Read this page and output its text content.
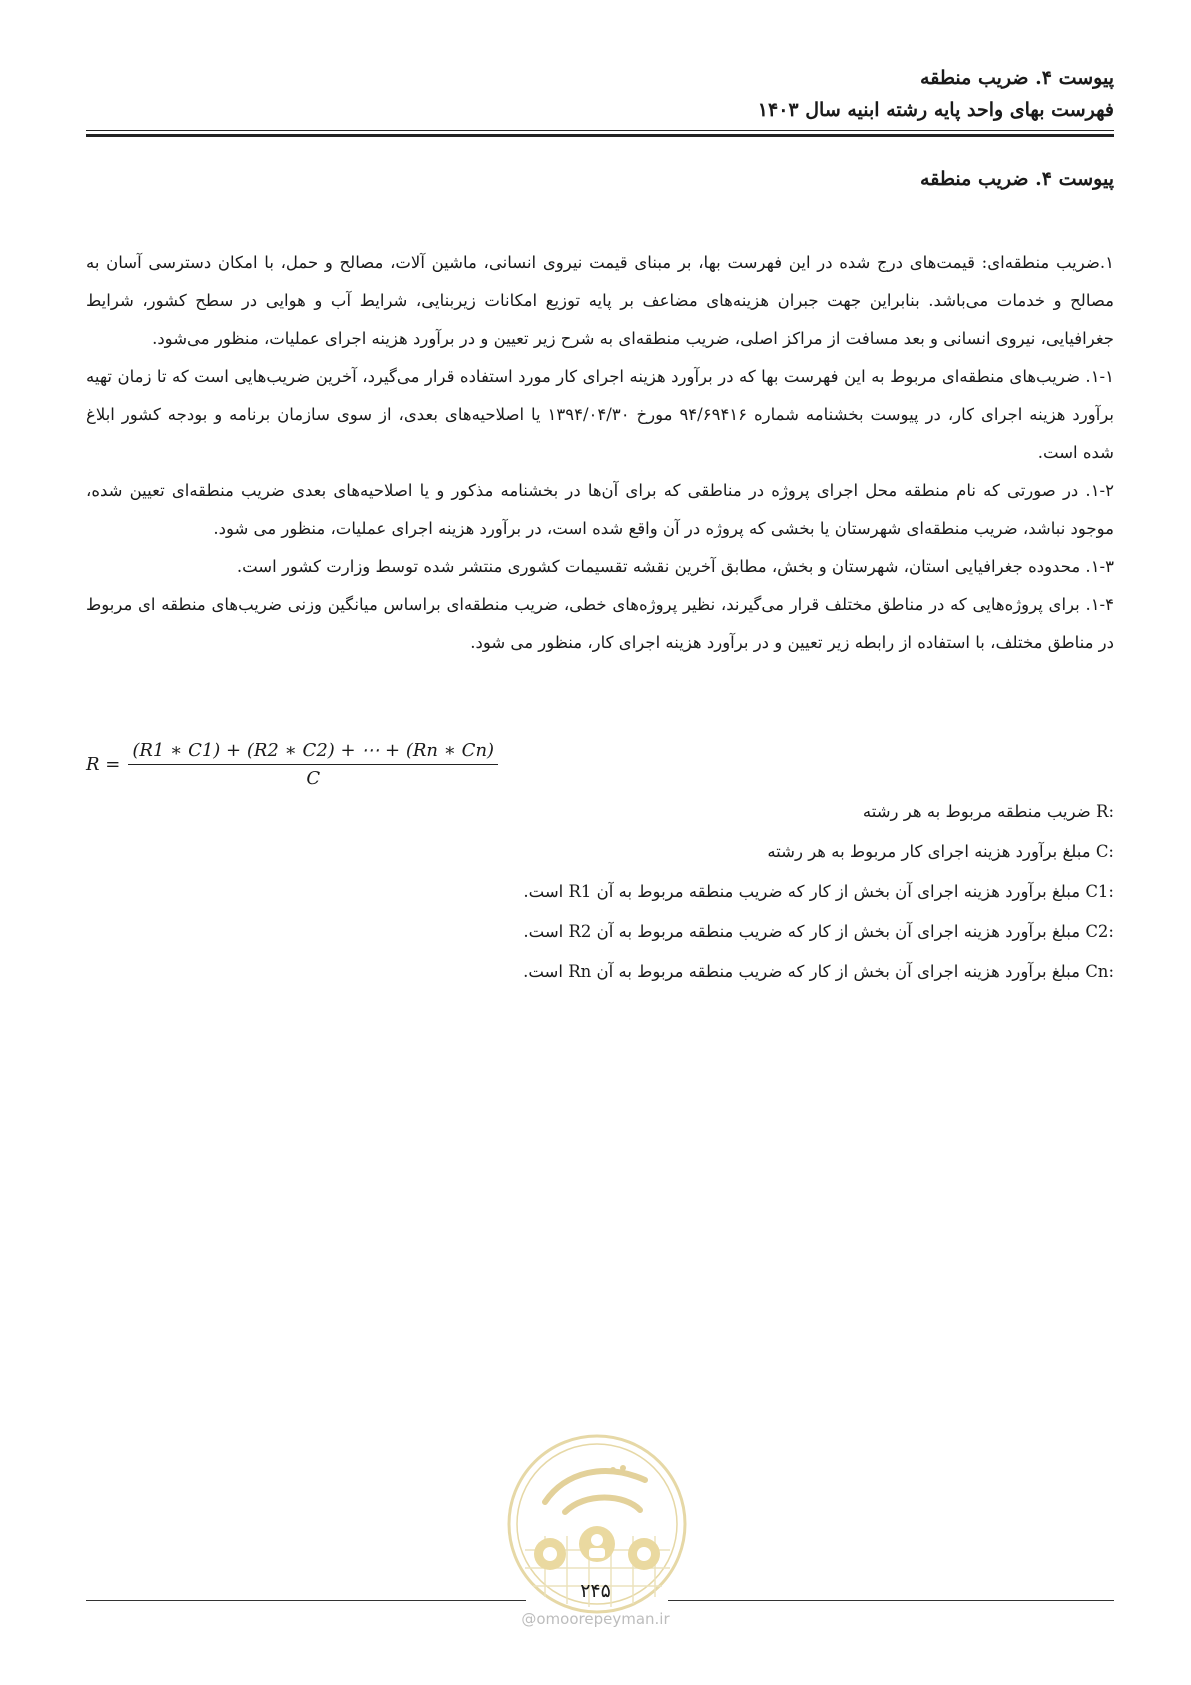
پیوست ۴. ضریب منطقه
فهرست بهای واحد پایه رشته ابنیه سال ۱۴۰۳
پیوست ۴. ضریب منطقه

۱.ضریب منطقه‌ای: قیمت‌های درج شده در این فهرست بها، بر مبنای قیمت نیروی انسانی، ماشین آلات، مصالح و حمل، با امکان دسترسی آسان به مصالح و خدمات می‌باشد. بنابراین جهت جبران هزینه‌های مضاعف بر پایه توزیع امکانات زیربنایی، شرایط آب و هوایی در سطح کشور، شرایط جغرافیایی، نیروی انسانی و بعد مسافت از مراکز اصلی، ضریب منطقه‌ای به شرح زیر تعیین و در برآورد هزینه اجرای عملیات، منظور می‌شود.

۱-۱. ضریب‌های منطقه‌ای مربوط به این فهرست بها که در برآورد هزینه اجرای کار مورد استفاده قرار می‌گیرد، آخرین ضریب‌هایی است که تا زمان تهیه برآورد هزینه اجرای کار، در پیوست بخشنامه شماره ۹۴/۶۹۴۱۶ مورخ ۱۳۹۴/۰۴/۳۰ یا اصلاحیه‌های بعدی، از سوی سازمان برنامه و بودجه کشور ابلاغ شده است.

۱-۲. در صورتی که نام منطقه محل اجرای پروژه در مناطقی که برای آن‌ها در بخشنامه مذکور و یا اصلاحیه‌های بعدی ضریب منطقه‌ای تعیین شده، موجود نباشد، ضریب منطقه‌ای شهرستان یا بخشی که پروژه در آن واقع شده است، در برآورد هزینه اجرای عملیات، منظور می شود.

۱-۳. محدوده جغرافیایی استان، شهرستان و بخش، مطابق آخرین نقشه تقسیمات کشوری منتشر شده توسط وزارت کشور است.

۱-۴. برای پروژه‌هایی که در مناطق مختلف قرار می‌گیرند، نظیر پروژه‌های خطی، ضریب منطقه‌ای براساس میانگین وزنی ضریب‌های منطقه ای مربوط در مناطق مختلف، با استفاده از رابطه زیر تعیین و در برآورد هزینه اجرای کار، منظور می شود.

$R = \frac{(R1 ∗ C1) + (R2 ∗ C2) + \cdots + (Rn ∗ Cn)}{C}$
R: ضریب منطقه مربوط به هر رشته
C: مبلغ برآورد هزینه اجرای کار مربوط به هر رشته
C1: مبلغ برآورد هزینه اجرای آن بخش از کار که ضریب منطقه مربوط به آن R1 است.
C2: مبلغ برآورد هزینه اجرای آن بخش از کار که ضریب منطقه مربوط به آن R2 است.
Cn: مبلغ برآورد هزینه اجرای آن بخش از کار که ضریب منطقه مربوط به آن Rn است.
۲۴۵
@omoorepeyman.ir
